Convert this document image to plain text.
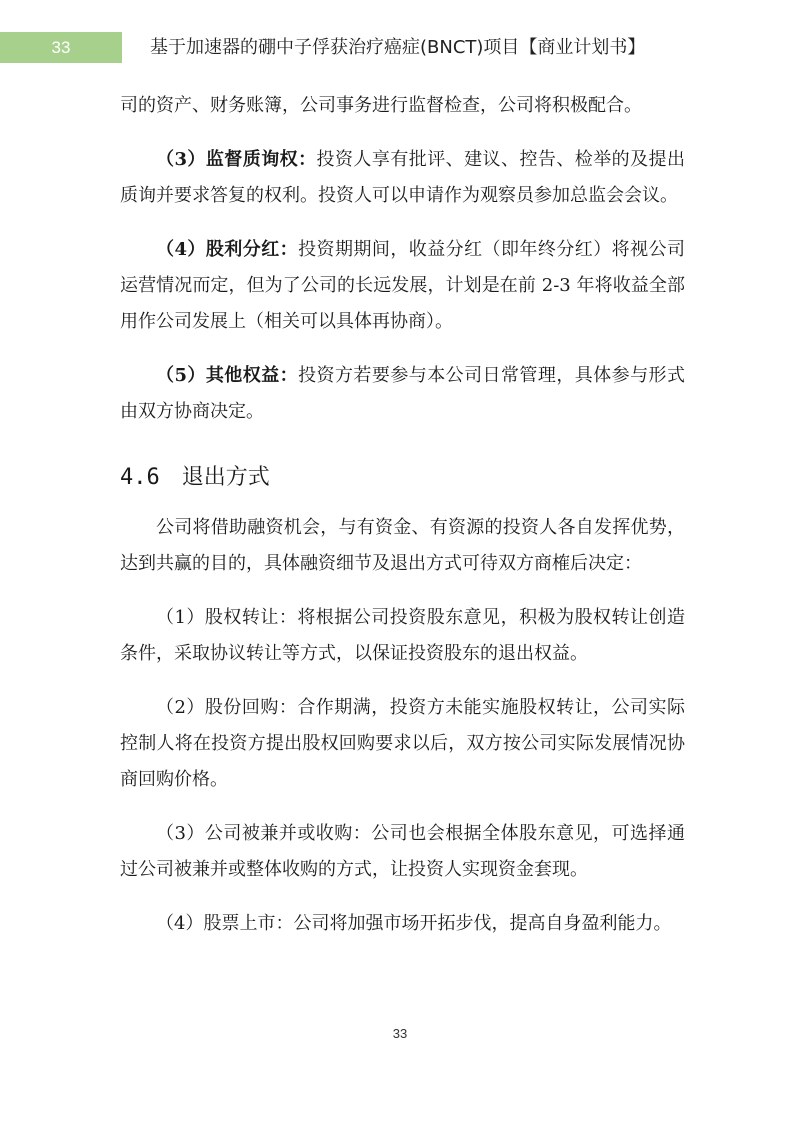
33	基于加速器的硼中子俘获治疗癌症(BNCT)项目【商业计划书】

司的资产、财务账簿，公司事务进行监督检查，公司将积极配合。

（3）监督质询权：投资人享有批评、建议、控告、检举的及提出质询并要求答复的权利。投资人可以申请作为观察员参加总监会会议。

（4）股利分红：投资期期间，收益分红（即年终分红）将视公司运营情况而定，但为了公司的长远发展，计划是在前 2-3 年将收益全部用作公司发展上（相关可以具体再协商）。

（5）其他权益：投资方若要参与本公司日常管理，具体参与形式由双方协商决定。

4.6 退出方式

公司将借助融资机会，与有资金、有资源的投资人各自发挥优势，达到共赢的目的，具体融资细节及退出方式可待双方商榷后决定：

（1）股权转让：将根据公司投资股东意见，积极为股权转让创造条件，采取协议转让等方式，以保证投资股东的退出权益。

（2）股份回购：合作期满，投资方未能实施股权转让，公司实际控制人将在投资方提出股权回购要求以后，双方按公司实际发展情况协商回购价格。

（3）公司被兼并或收购：公司也会根据全体股东意见，可选择通过公司被兼并或整体收购的方式，让投资人实现资金套现。

（4）股票上市：公司将加强市场开拓步伐，提高自身盈利能力。

33
